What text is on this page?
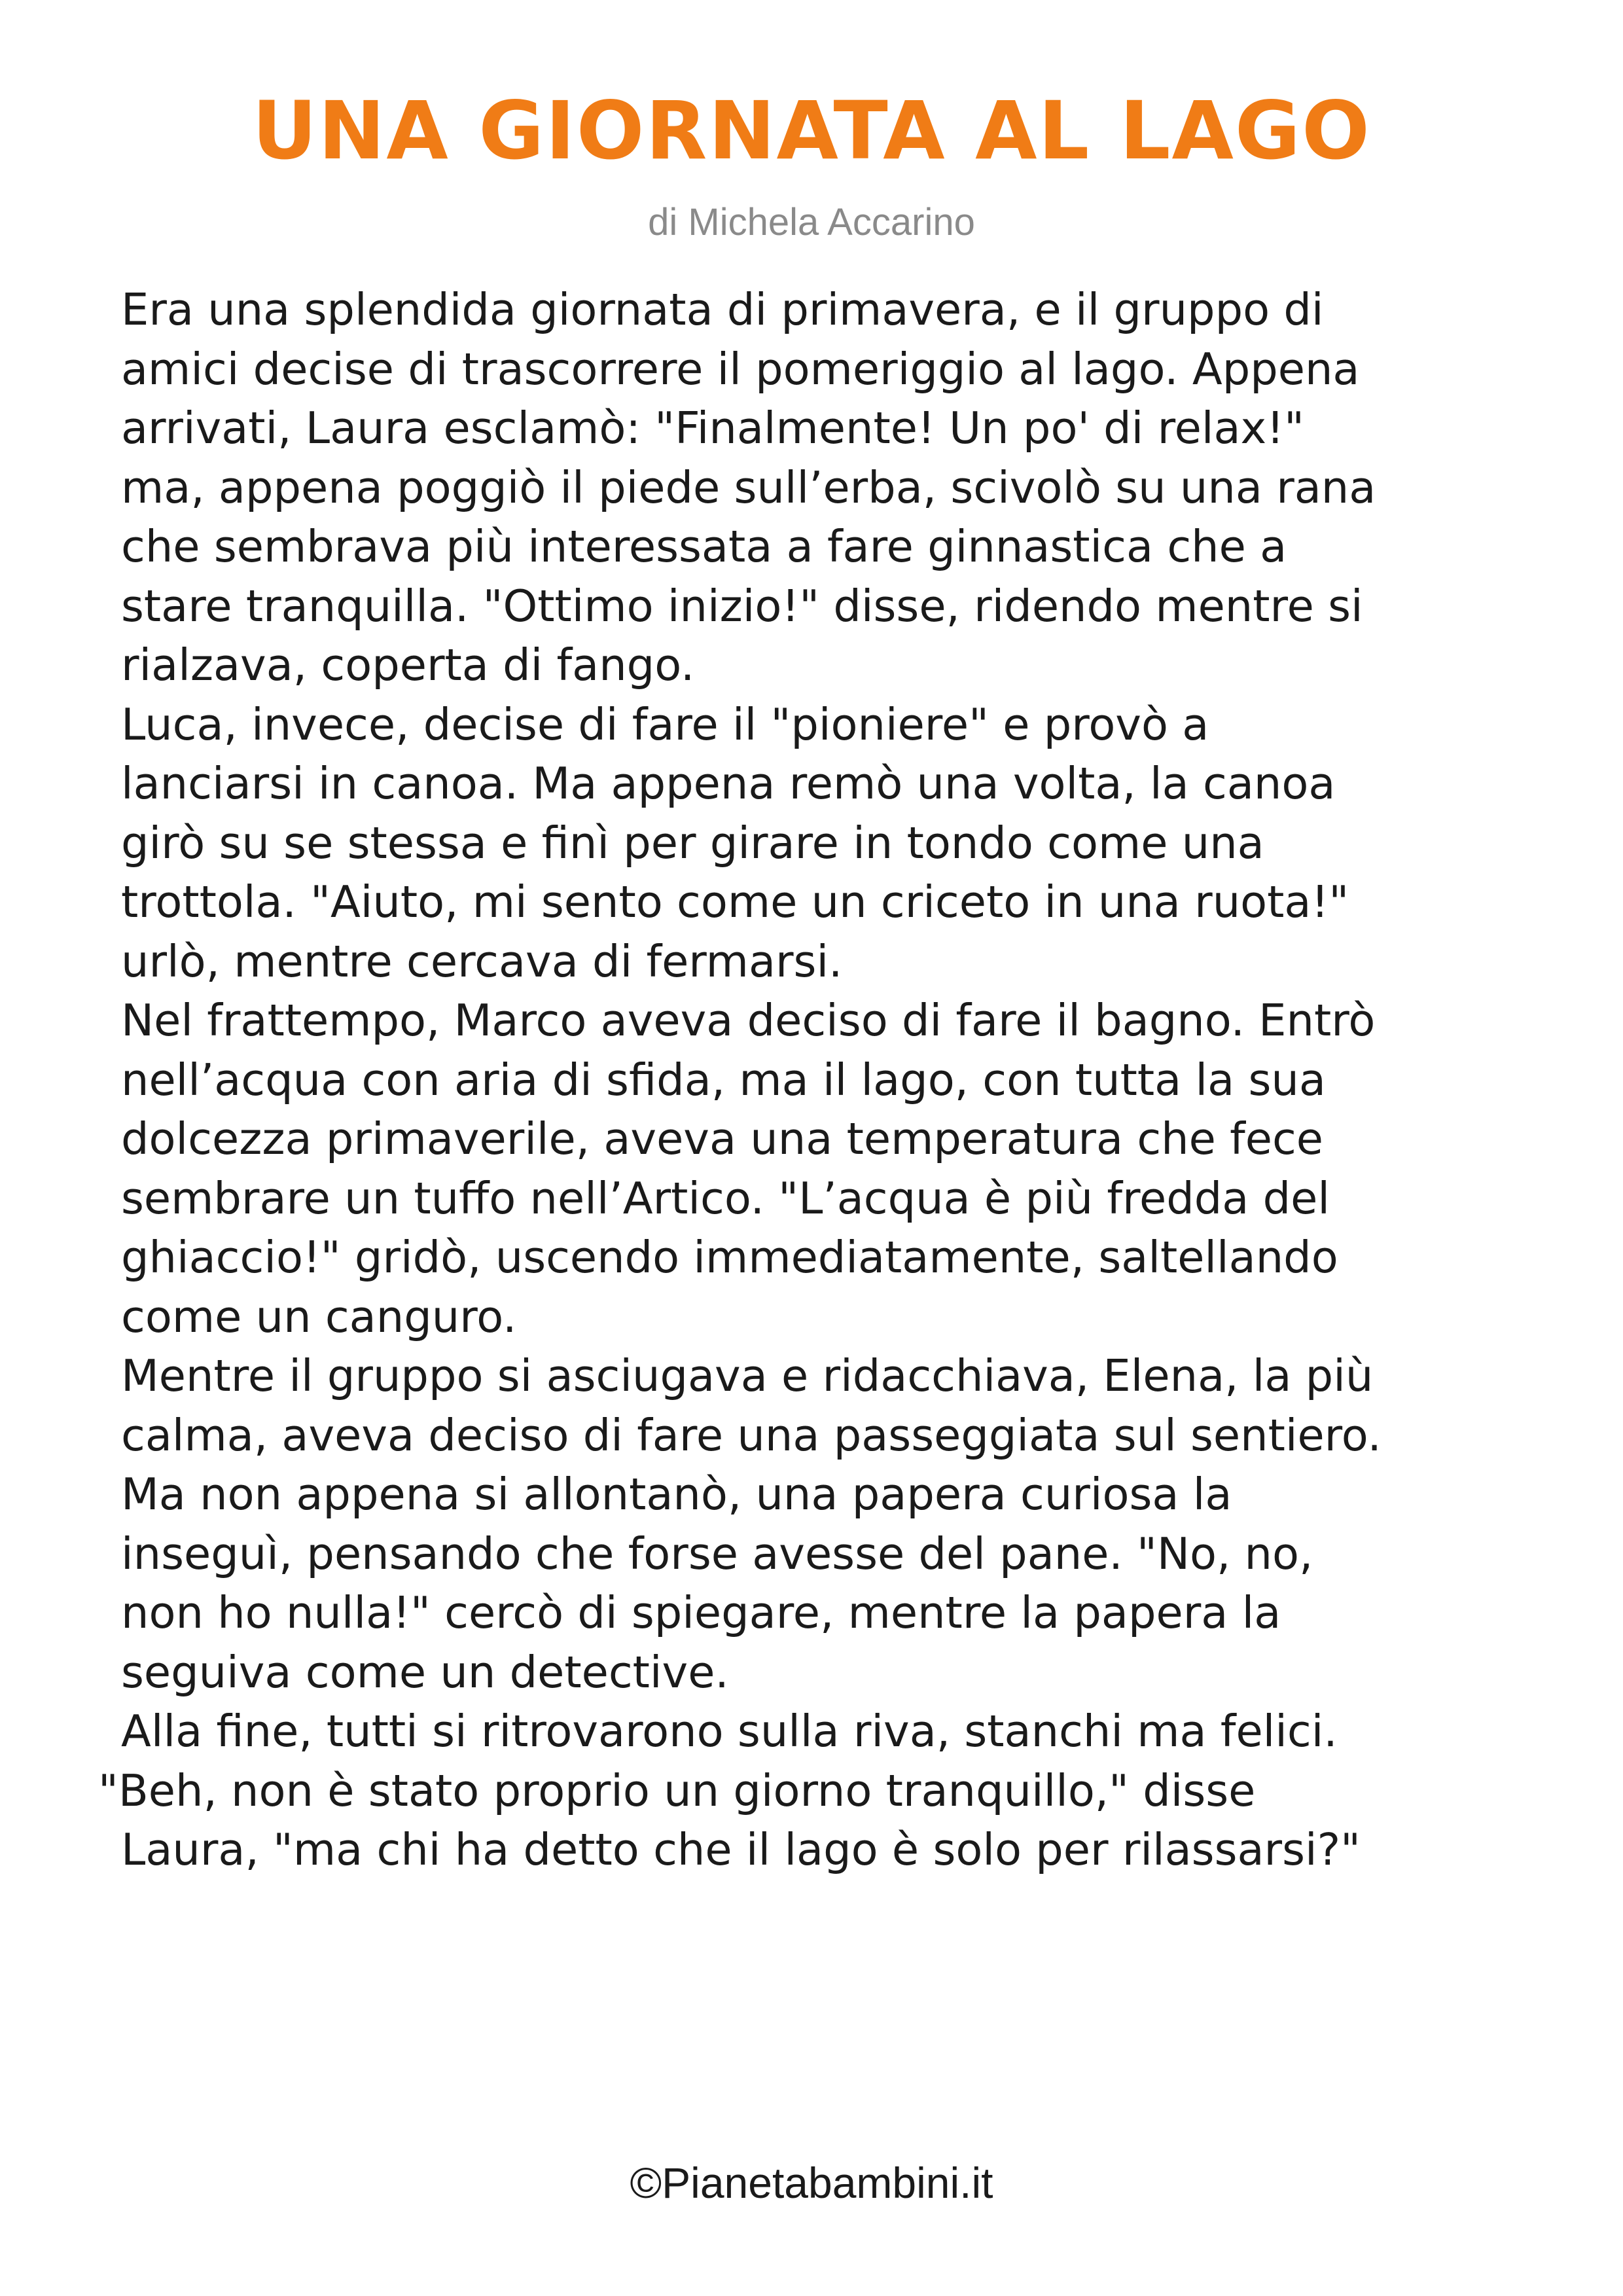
UNA GIORNATA AL LAGO
di Michela Accarino
Era una splendida giornata di primavera, e il gruppo di
amici decise di trascorrere il pomeriggio al lago. Appena
arrivati, Laura esclamò: "Finalmente! Un po' di relax!"
ma, appena poggiò il piede sull’erba, scivolò su una rana
che sembrava più interessata a fare ginnastica che a
stare tranquilla. "Ottimo inizio!" disse, ridendo mentre si
rialzava, coperta di fango.
Luca, invece, decise di fare il "pioniere" e provò a
lanciarsi in canoa. Ma appena remò una volta, la canoa
girò su se stessa e finì per girare in tondo come una
trottola. "Aiuto, mi sento come un criceto in una ruota!"
urlò, mentre cercava di fermarsi.
Nel frattempo, Marco aveva deciso di fare il bagno. Entrò
nell’acqua con aria di sfida, ma il lago, con tutta la sua
dolcezza primaverile, aveva una temperatura che fece
sembrare un tuffo nell’Artico. "L’acqua è più fredda del
ghiaccio!" gridò, uscendo immediatamente, saltellando
come un canguro.
Mentre il gruppo si asciugava e ridacchiava, Elena, la più
calma, aveva deciso di fare una passeggiata sul sentiero.
Ma non appena si allontanò, una papera curiosa la
inseguì, pensando che forse avesse del pane. "No, no,
non ho nulla!" cercò di spiegare, mentre la papera la
seguiva come un detective.
Alla fine, tutti si ritrovarono sulla riva, stanchi ma felici.
"Beh, non è stato proprio un giorno tranquillo," disse
Laura, "ma chi ha detto che il lago è solo per rilassarsi?"
©Pianetabambini.it
